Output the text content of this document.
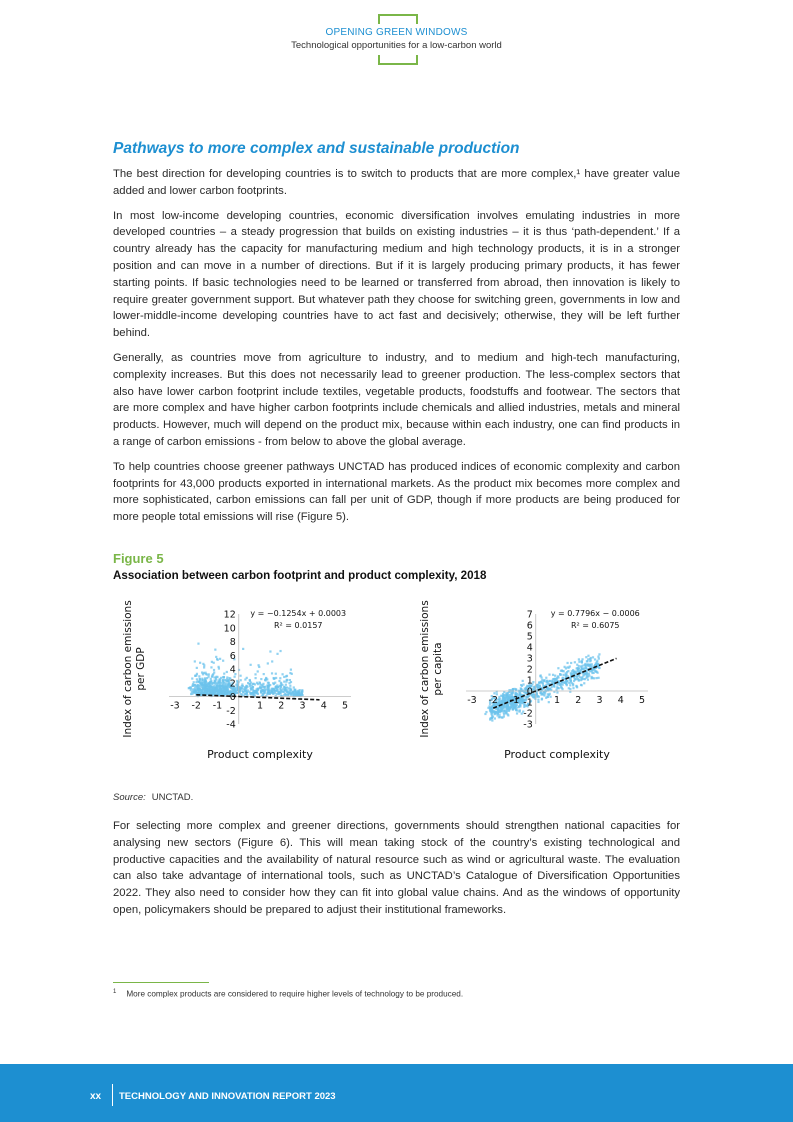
OPENING GREEN WINDOWS
Technological opportunities for a low-carbon world
Pathways to more complex and sustainable production

The best direction for developing countries is to switch to products that are more complex,¹ have greater value added and lower carbon footprints.

In most low-income developing countries, economic diversification involves emulating industries in more developed countries – a steady progression that builds on existing industries – it is thus ‘path-dependent.’ If a country already has the capacity for manufacturing medium and high technology products, it is in a stronger position and can move in a number of directions. But if it is largely producing primary products, it has fewer starting points. If basic technologies need to be learned or transferred from abroad, then innovation is likely to require greater government support. But whatever path they choose for switching green, governments in low and lower-middle-income developing countries have to act fast and decisively; otherwise, they will be left further behind.

Generally, as countries move from agriculture to industry, and to medium and high-tech manufacturing, complexity increases. But this does not necessarily lead to greener production. The less-complex sectors that also have lower carbon footprint include textiles, vegetable products, foodstuffs and footwear. The sectors that are more complex and have higher carbon footprints include chemicals and allied industries, metals and mineral products. However, much will depend on the product mix, because within each industry, one can find products in a range of carbon emissions - from below to above the global average.

To help countries choose greener pathways UNCTAD has produced indices of economic complexity and carbon footprints for 43,000 products exported in international markets. As the product mix becomes more complex and more sophisticated, carbon emissions can fall per unit of GDP, though if more products are being produced for more people total emissions will rise (Figure 5).

Figure 5
Association between carbon footprint and product complexity, 2018
Index of carbon emissions per GDP
-3 -2 -1	1 2 3 4 5
12
10
8
6
4
2
0
-2
-4
y = −0.1254x + 0.0003
R² = 0.0157
Product complexity
Index of carbon emissions per capita
-3 -2 -1	1 2 3 4 5
7
6
5
4
3
2
1
0
-1
-2
-3
y = 0.7796x − 0.0006
R² = 0.6075
Product complexity
Source: UNCTAD.

For selecting more complex and greener directions, governments should strengthen national capacities for analysing new sectors (Figure 6). This will mean taking stock of the country’s existing technological and productive capacities and the availability of natural resource such as wind or agricultural waste. The evaluation can also take advantage of international tools, such as UNCTAD’s Catalogue of Diversification Opportunities 2022. They also need to consider how they can fit into global value chains. And as the windows of opportunity open, policymakers should be prepared to adjust their institutional frameworks.

$^1$ More complex products are considered to require higher levels of technology to be produced.
xx TECHNOLOGY AND INNOVATION REPORT 2023
